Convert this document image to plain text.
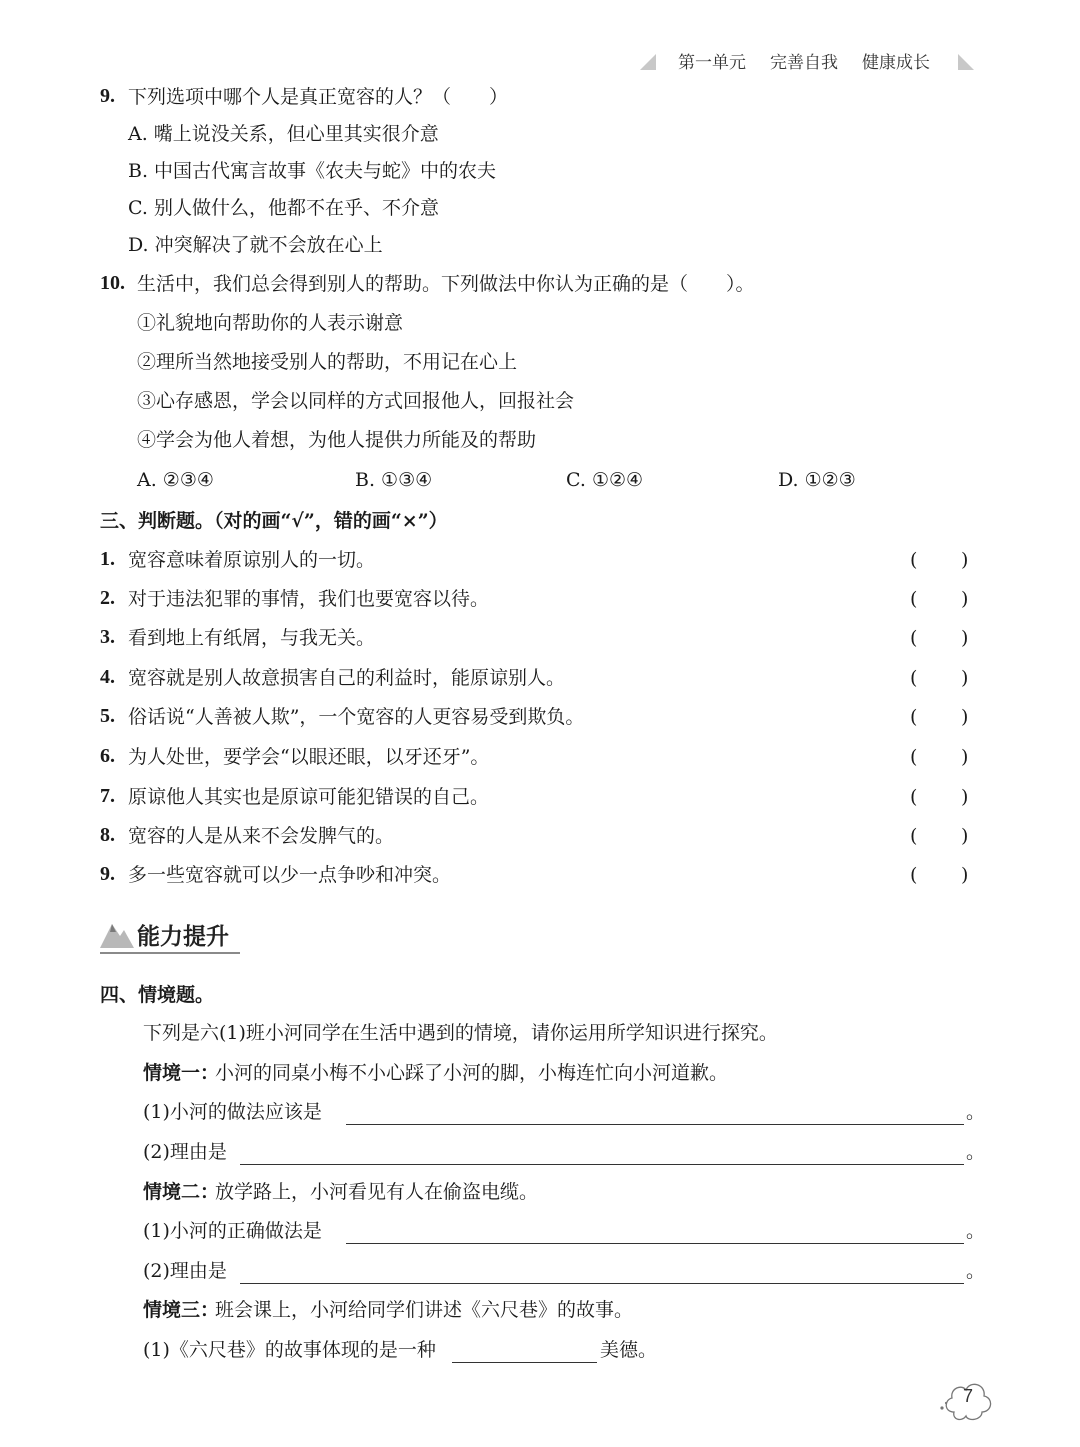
第一单元 完善自我 健康成长
9. 下列选项中哪个人是真正宽容的人？（　　）
A. 嘴上说没关系，但心里其实很介意
B. 中国古代寓言故事《农夫与蛇》中的农夫
C. 别人做什么，他都不在乎、不介意
D. 冲突解决了就不会放在心上
10. 生活中，我们总会得到别人的帮助。下列做法中你认为正确的是（　　）。
①礼貌地向帮助你的人表示谢意
②理所当然地接受别人的帮助，不用记在心上
③心存感恩，学会以同样的方式回报他人，回报社会
④学会为他人着想，为他人提供力所能及的帮助
A. ②③④	B. ①③④	C. ①②④	D. ①②③
三、判断题。（对的画“√”，错的画“×”）
1. 宽容意味着原谅别人的一切。	( )
2. 对于违法犯罪的事情，我们也要宽容以待。	( )
3. 看到地上有纸屑，与我无关。	( )
4. 宽容就是别人故意损害自己的利益时，能原谅别人。	( )
5. 俗话说“人善被人欺”，一个宽容的人更容易受到欺负。	( )
6. 为人处世，要学会“以眼还眼，以牙还牙”。	( )
7. 原谅他人其实也是原谅可能犯错误的自己。	( )
8. 宽容的人是从来不会发脾气的。	( )
9. 多一些宽容就可以少一点争吵和冲突。	( )
能力提升
四、情境题。
下列是六(1)班小河同学在生活中遇到的情境，请你运用所学知识进行探究。
情境一：
小河的同桌小梅不小心踩了小河的脚，小梅连忙向小河道歉。
(1)小河的做法应该是	。
(2)理由是	。
情境二：
放学路上，小河看见有人在偷盗电缆。
(1)小河的正确做法是	。
(2)理由是	。
情境三：
班会课上，小河给同学们讲述《六尺巷》的故事。
(1)《六尺巷》的故事体现的是一种	美德。
7
